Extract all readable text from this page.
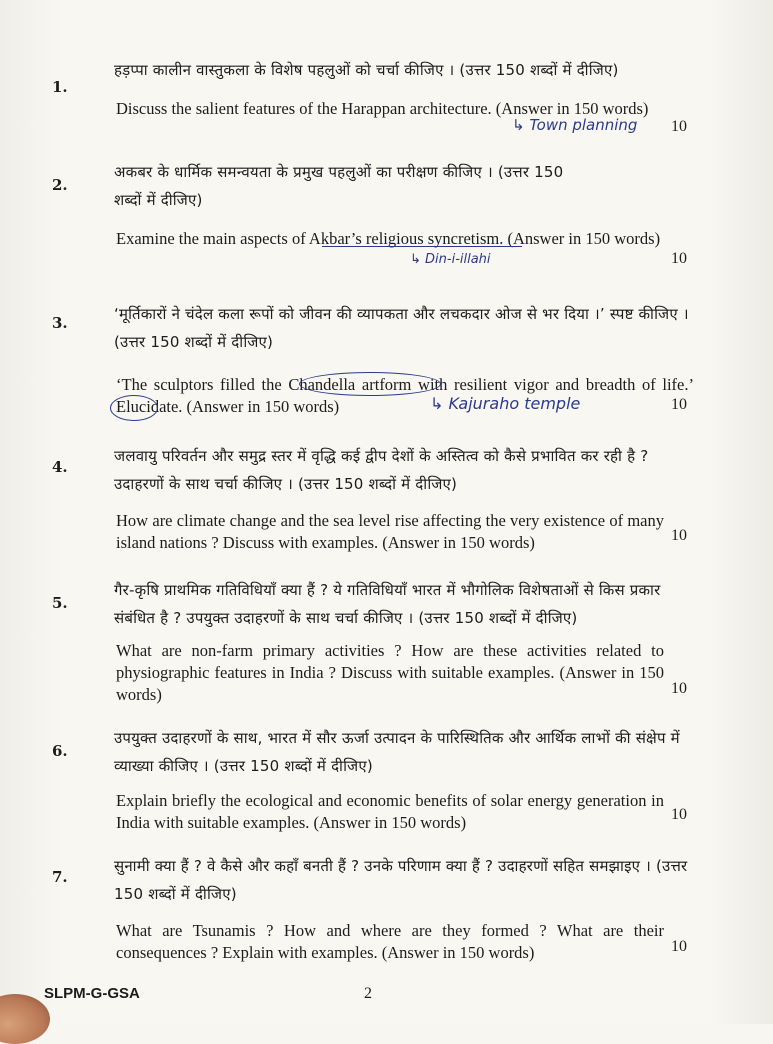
1.
हड़प्पा कालीन वास्तुकला के विशेष पहलुओं को चर्चा कीजिए । (उत्तर 150 शब्दों में दीजिए)
Discuss the salient features of the Harappan architecture. (Answer in 150 words)
↳ Town planning 10
2.
अकबर के धार्मिक समन्वयता के प्रमुख पहलुओं का परीक्षण कीजिए । (उत्तर 150 शब्दों में दीजिए)
Examine the main aspects of Akbar’s religious syncretism. (Answer in 150 words)
↳ Din-i-illahi	10
3.	‘मूर्तिकारों ने चंदेल कला रूपों को जीवन की व्यापकता और लचकदार ओज से भर दिया ।’ स्पष्ट कीजिए । (उत्तर 150 शब्दों में दीजिए)
‘The sculptors filled the Chandella artform with resilient vigor and breadth of life.’ Elucidate. (Answer in 150 words)	↳ Kajuraho temple	10
4.
जलवायु परिवर्तन और समुद्र स्तर में वृद्धि कई द्वीप देशों के अस्तित्व को कैसे प्रभावित कर रही है ? उदाहरणों के साथ चर्चा कीजिए । (उत्तर 150 शब्दों में दीजिए)
How are climate change and the sea level rise affecting the very existence of many island nations ? Discuss with examples. (Answer in 150 words)	10
5.
गैर-कृषि प्राथमिक गतिविधियाँ क्या हैं ? ये गतिविधियाँ भारत में भौगोलिक विशेषताओं से किस प्रकार संबंधित है ? उपयुक्त उदाहरणों के साथ चर्चा कीजिए । (उत्तर 150 शब्दों में दीजिए)
What are non-farm primary activities ? How are these activities related to physiographic features in India ? Discuss with suitable examples. (Answer in 150 words)	10
6.
उपयुक्त उदाहरणों के साथ, भारत में सौर ऊर्जा उत्पादन के पारिस्थितिक और आर्थिक लाभों की संक्षेप में व्याख्या कीजिए । (उत्तर 150 शब्दों में दीजिए)
Explain briefly the ecological and economic benefits of solar energy generation in India with suitable examples. (Answer in 150 words)	10
7.
सुनामी क्या हैं ? वे कैसे और कहाँ बनती हैं ? उनके परिणाम क्या हैं ? उदाहरणों सहित समझाइए । (उत्तर 150 शब्दों में दीजिए)
What are Tsunamis ? How and where are they formed ? What are their consequences ? Explain with examples. (Answer in 150 words)	10
SLPM-G-GSA	2
